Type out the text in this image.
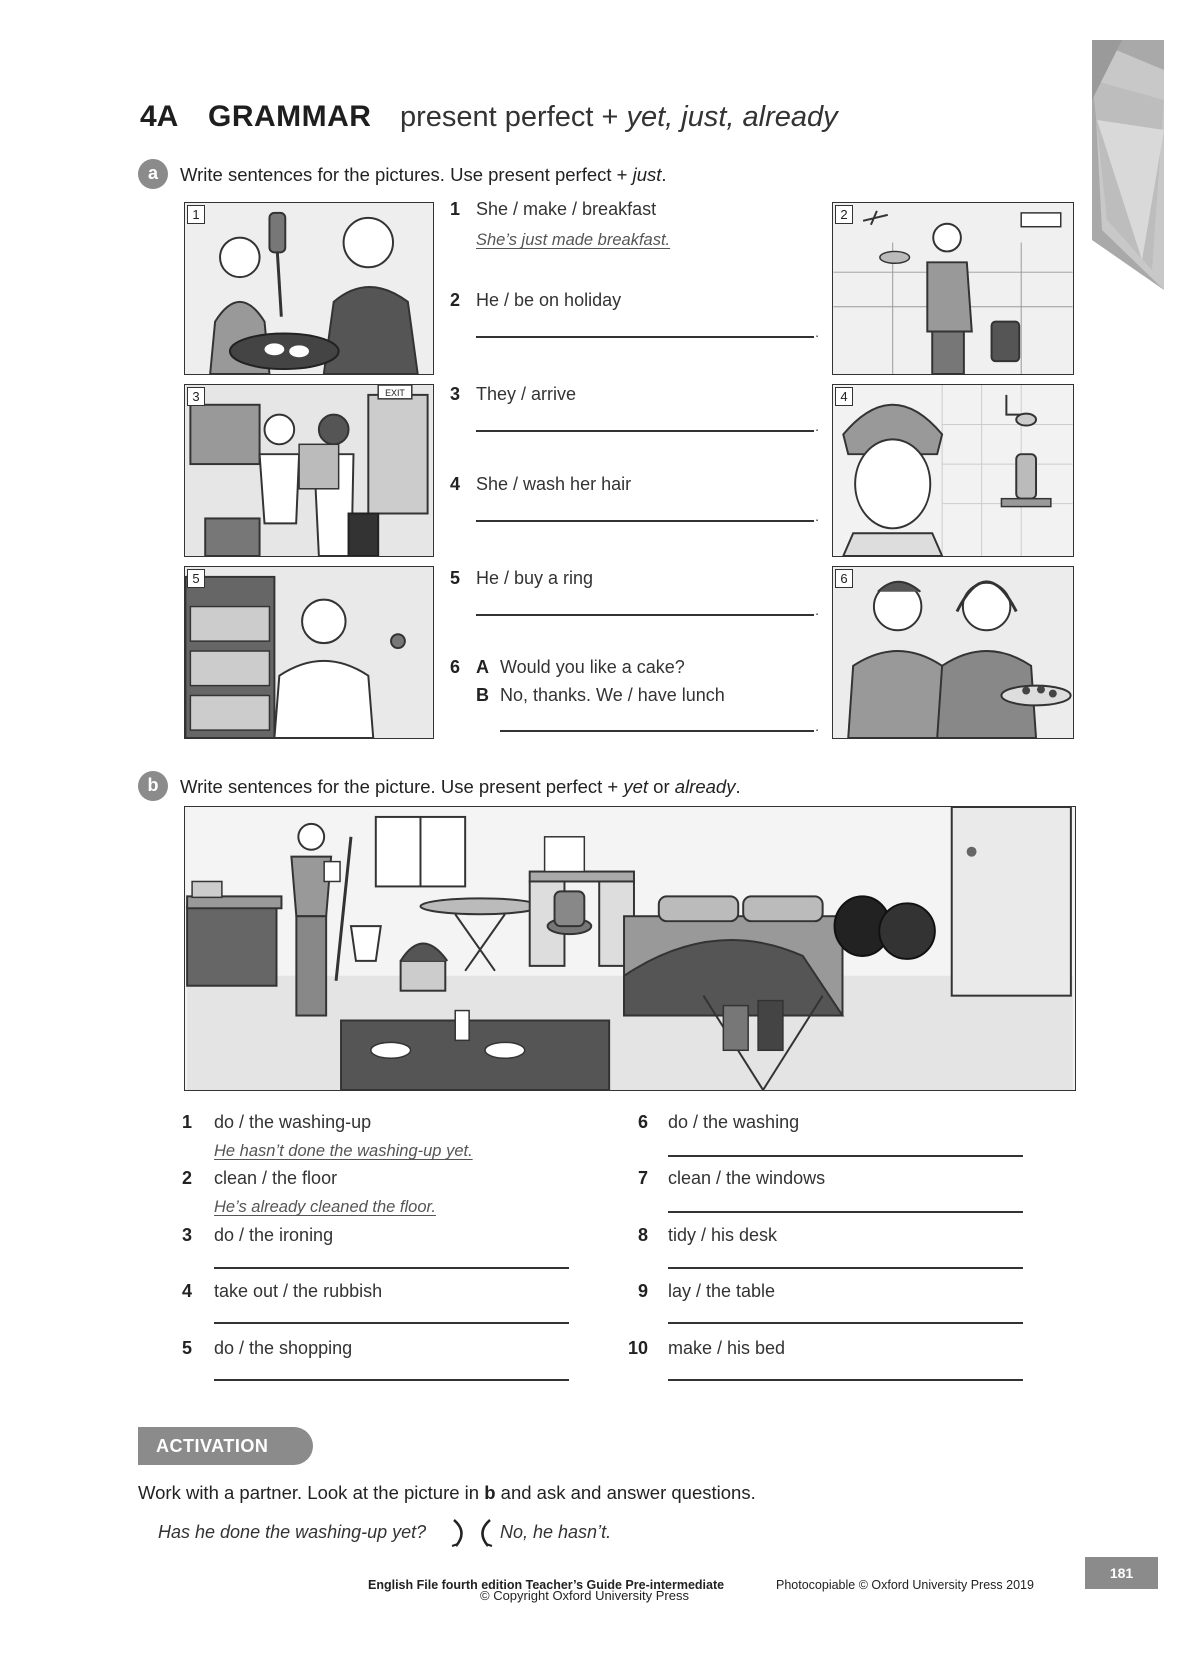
4A GRAMMAR present perfect + yet, just, already
a	Write sentences for the pictures. Use present perfect + just.
1
EXIT
3
5
2
4
6
1 She / make / breakfast
She’s just made breakfast.
2 He / be on holiday
.
3 They / arrive
.
4 She / wash her hair
.
5 He / buy a ring
.
6 A Would you like a cake?
B No, thanks. We / have lunch
.
b	Write sentences for the picture. Use present perfect + yet or already.
1 do / the washing-up
He hasn’t done the washing-up yet.
2 clean / the floor
He’s already cleaned the floor.
3 do / the ironing
4 take out / the rubbish
5 do / the shopping
6 do / the washing
7 clean / the windows
8 tidy / his desk
9 lay / the table
10 make / his bed
ACTIVATION
Work with a partner. Look at the picture in b and ask and answer questions.
Has he done the washing-up yet?	No, he hasn’t.
English File fourth edition Teacher’s Guide Pre-intermediate	Photocopiable © Oxford University Press 2019
© Copyright Oxford University Press
181
